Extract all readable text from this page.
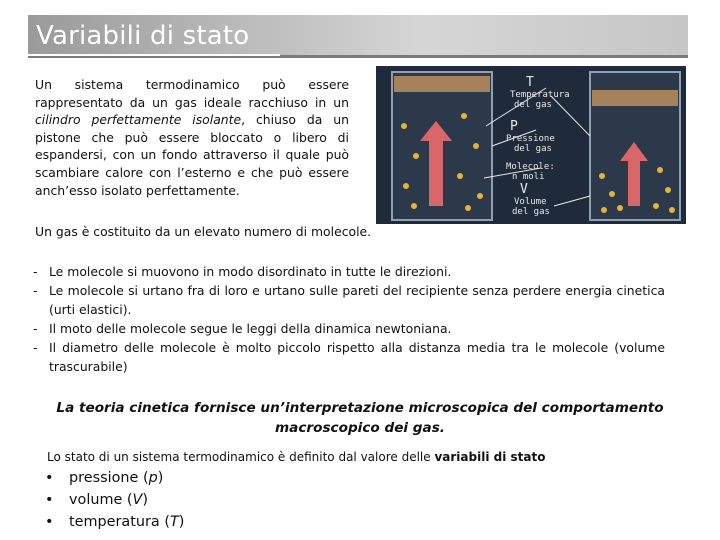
Variabili di stato
Un sistema termodinamico può essere rappresentato da un gas ideale racchiuso in un cilindro perfettamente isolante, chiuso da un pistone che può essere bloccato o libero di espandersi, con un fondo attraverso il quale può scambiare calore con l’esterno e che può essere anch’esso isolato perfettamente.
T
Temperatura
del gas
P
Pressione
del gas
Molecole:
n moli
V
Volume
del gas
Un gas è costituito da un elevato numero di molecole.
- Le molecole si muovono in modo disordinato in tutte le direzioni.
- Le molecole si urtano fra di loro e urtano sulle pareti del recipiente senza perdere energia cinetica (urti elastici).
- Il moto delle molecole segue le leggi della dinamica newtoniana.
- Il diametro delle molecole è molto piccolo rispetto alla distanza media tra le molecole (volume trascurabile)
La teoria cinetica fornisce un’interpretazione microscopica del comportamento macroscopico dei gas.
Lo stato di un sistema termodinamico è definito dal valore delle variabili di stato
• pressione (p)
• volume (V)
• temperatura (T)
